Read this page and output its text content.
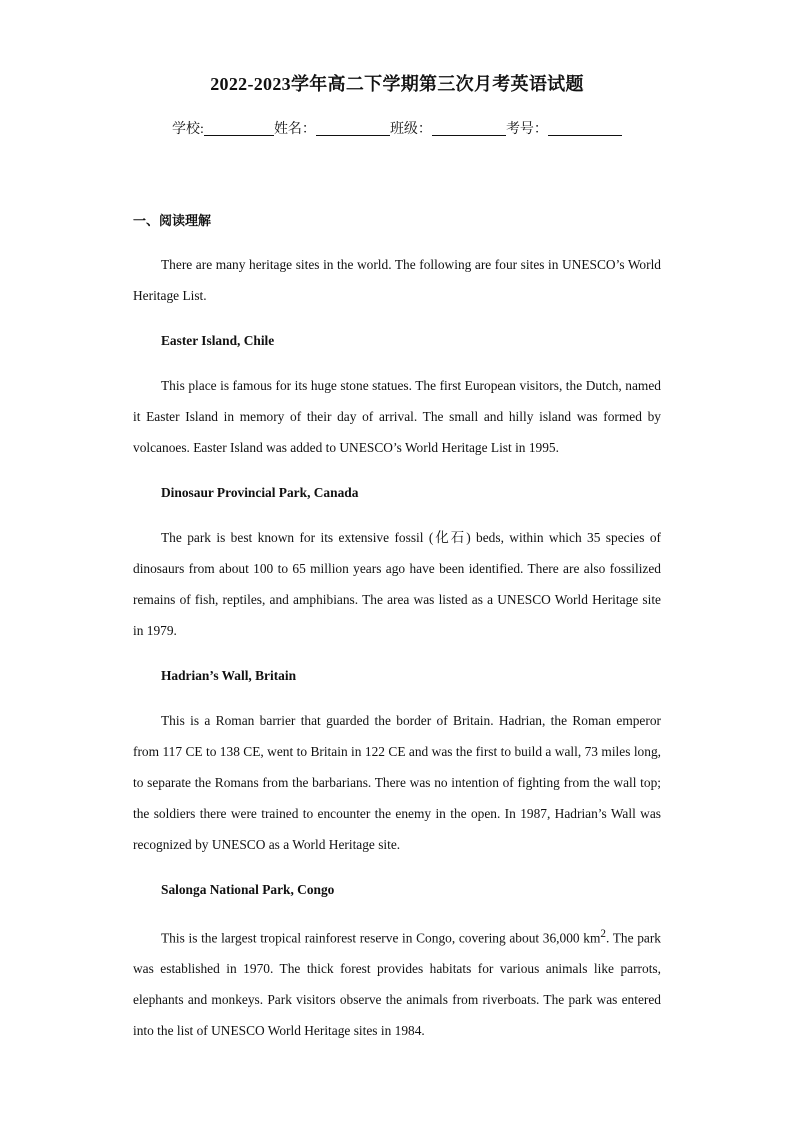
2022-2023学年高二下学期第三次月考英语试题
学校:	姓名：	班级：	考号：
一、阅读理解

There are many heritage sites in the world. The following are four sites in UNESCO’s World Heritage List.

Easter Island, Chile

This place is famous for its huge stone statues. The first European visitors, the Dutch, named it Easter Island in memory of their day of arrival. The small and hilly island was formed by volcanoes. Easter Island was added to UNESCO’s World Heritage List in 1995.

Dinosaur Provincial Park, Canada

The park is best known for its extensive fossil (化石) beds, within which 35 species of dinosaurs from about 100 to 65 million years ago have been identified. There are also fossilized remains of fish, reptiles, and amphibians. The area was listed as a UNESCO World Heritage site in 1979.

Hadrian’s Wall, Britain

This is a Roman barrier that guarded the border of Britain. Hadrian, the Roman emperor from 117 CE to 138 CE, went to Britain in 122 CE and was the first to build a wall, 73 miles long, to separate the Romans from the barbarians. There was no intention of fighting from the wall top; the soldiers there were trained to encounter the enemy in the open. In 1987, Hadrian’s Wall was recognized by UNESCO as a World Heritage site.

Salonga National Park, Congo

This is the largest tropical rainforest reserve in Congo, covering about 36,000 $km^2$. The park was established in 1970. The thick forest provides habitats for various animals like parrots, elephants and monkeys. Park visitors observe the animals from riverboats. The park was entered into the list of UNESCO World Heritage sites in 1984.
